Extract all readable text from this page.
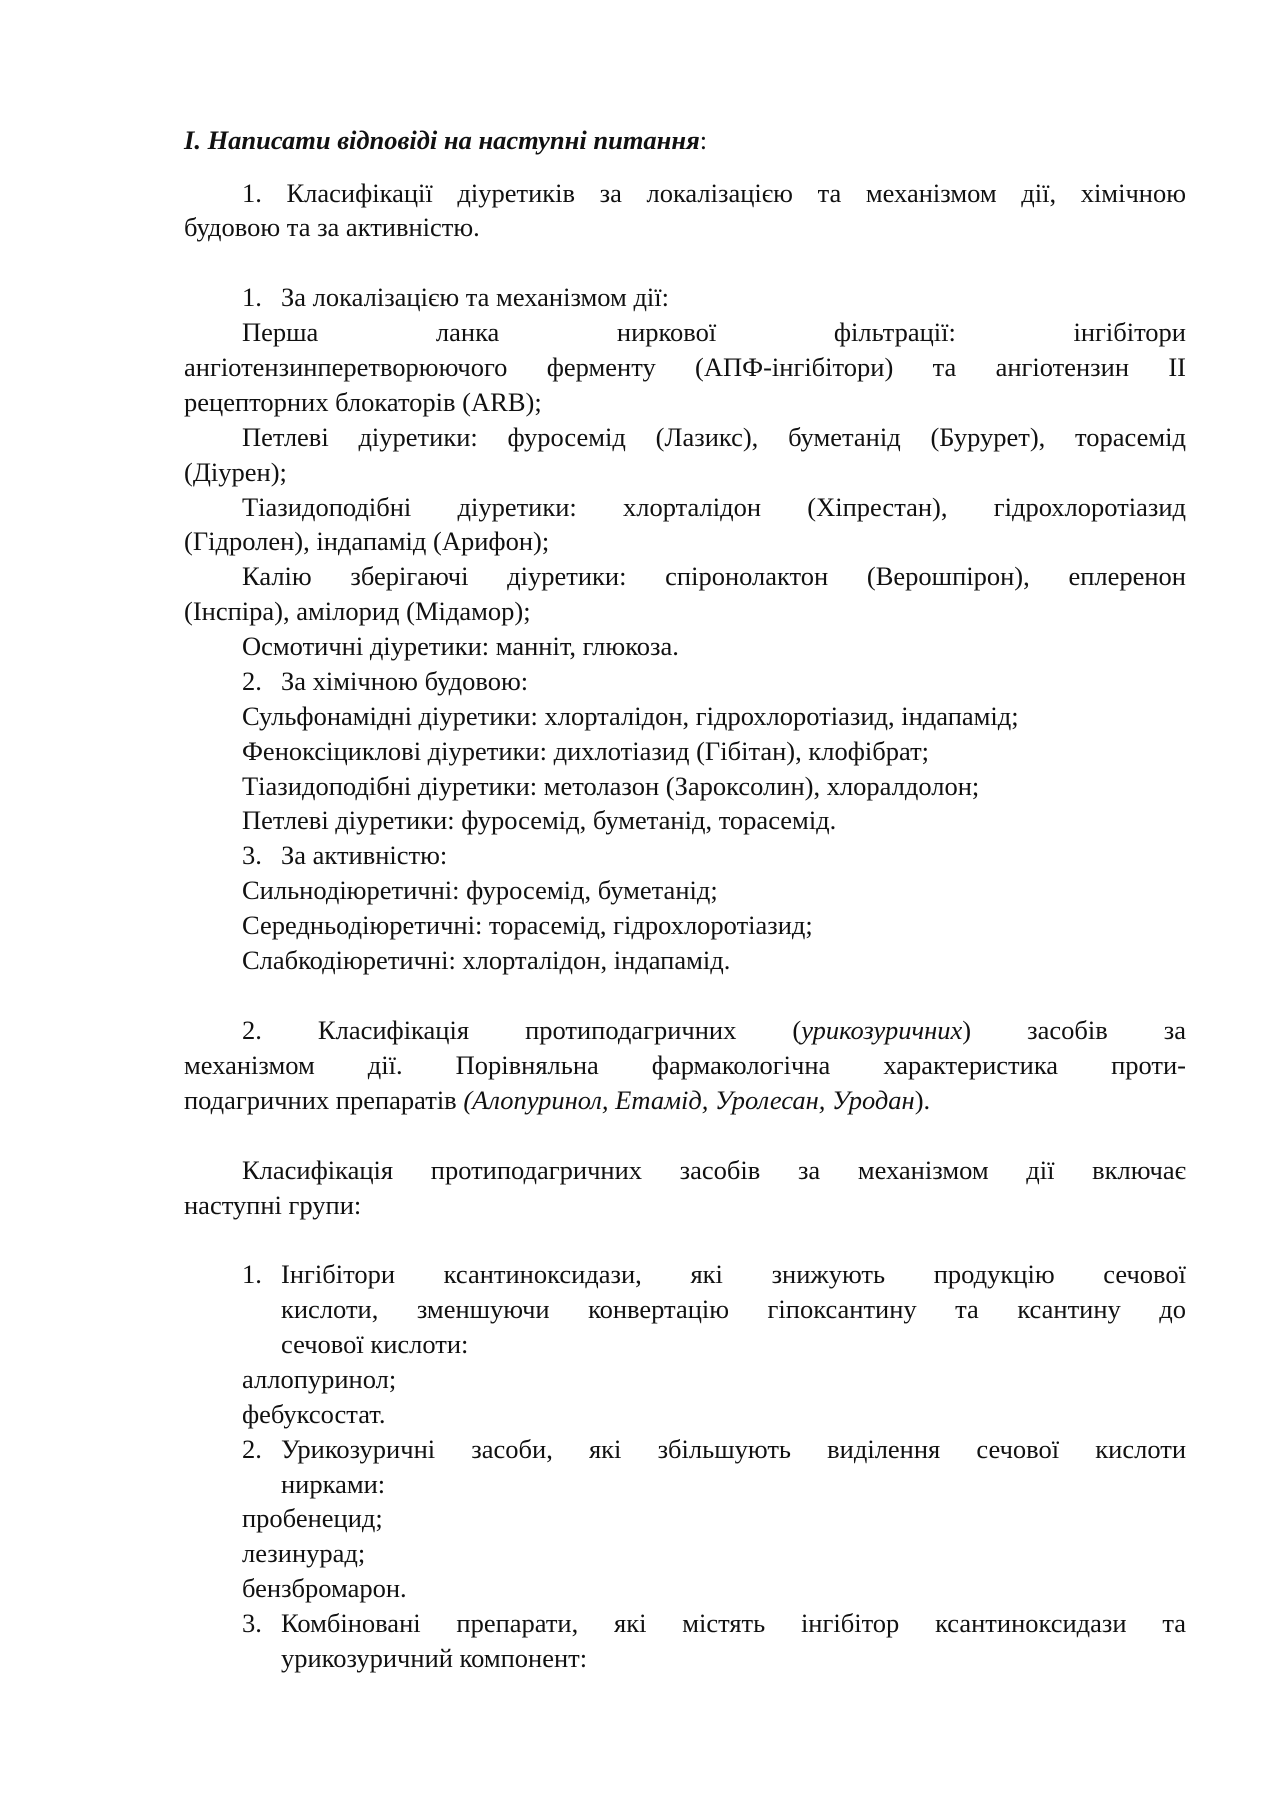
І. Написати відповіді на наступні питання:
1. Класифікації діуретиків за локалізацією та механізмом дії, хімічною
будовою та за активністю.
1. За локалізацією та механізмом дії:
Перша ланка ниркової фільтрації: інгібітори
ангіотензинперетворюючого ферменту (АПФ-інгібітори) та ангіотензин II
рецепторних блокаторів (ARB);
Петлеві діуретики: фуросемід (Лазикс), буметанід (Бурурет), торасемід
(Діурен);
Тіазидоподібні діуретики: хлорталідон (Хіпрестан), гідрохлоротіазид
(Гідролен), індапамід (Арифон);
Калію зберігаючі діуретики: спіронолактон (Верошпірон), еплеренон
(Інспіра), амілорид (Мідамор);
Осмотичні діуретики: манніт, глюкоза.
2. За хімічною будовою:
Сульфонамідні діуретики: хлорталідон, гідрохлоротіазид, індапамід;
Феноксіциклові діуретики: дихлотіазид (Гібітан), клофібрат;
Тіазидоподібні діуретики: метолазон (Зароксолин), хлоралдолон;
Петлеві діуретики: фуросемід, буметанід, торасемід.
3. За активністю:
Сильнодіюретичні: фуросемід, буметанід;
Середньодіюретичні: торасемід, гідрохлоротіазид;
Слабкодіюретичні: хлорталідон, індапамід.
2. Класифікація протиподагричних (урикозуричних) засобів за
механізмом дії. Порівняльна фармакологічна характеристика проти-
подагричних препаратів (Алопуринол, Етамід, Уролесан, Уродан).
Класифікація протиподагричних засобів за механізмом дії включає
наступні групи:
1. Інгібітори ксантиноксидази, які знижують продукцію сечової
кислоти, зменшуючи конвертацію гіпоксантину та ксантину до
сечової кислоти:
аллопуринол;
фебуксостат.
2. Урикозуричні засоби, які збільшують виділення сечової кислоти
нирками:
пробенецид;
лезинурад;
бензбромарон.
3. Комбіновані препарати, які містять інгібітор ксантиноксидази та
урикозуричний компонент:
